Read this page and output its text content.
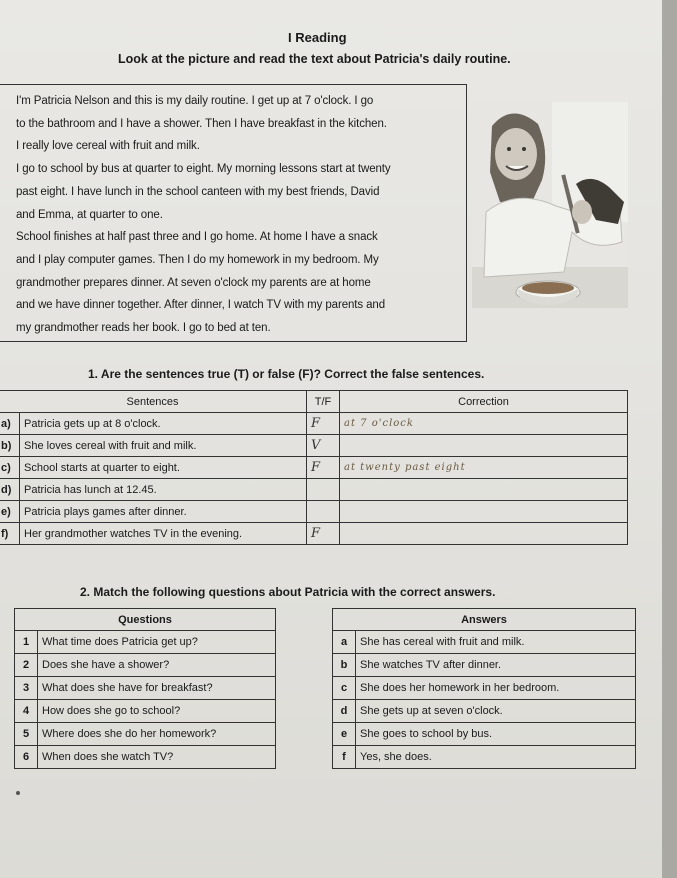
I Reading
Look at the picture and read the text about Patricia's daily routine.

I'm Patricia Nelson and this is my daily routine. I get up at 7 o'clock. I go

to the bathroom and I have a shower. Then I have breakfast in the kitchen.

I really love cereal with fruit and milk.

I go to school by bus at quarter to eight. My morning lessons start at twenty

past eight. I have lunch in the school canteen with my best friends, David

and Emma, at quarter to one.

School finishes at half past three and I go home. At home I have a snack

and I play computer games. Then I do my homework in my bedroom. My

grandmother prepares dinner. At seven o'clock my parents are at home

and we have dinner together. After dinner, I watch TV with my parents and

my grandmother reads her book. I go to bed at ten.

1. Are the sentences true (T) or false (F)? Correct the false sentences.
Sentences		T/F	Correction
a)	Patricia gets up at 8 o'clock.	F	at 7 o'clock
b)	She loves cereal with fruit and milk.	V	
c)	School starts at quarter to eight.	F	at twenty past eight
d)	Patricia has lunch at 12.45.		
e)	Patricia plays games after dinner.		
f)	Her grandmother watches TV in the evening.	F	
2. Match the following questions about Patricia with the correct answers.
Questions	
1	What time does Patricia get up?
2	Does she have a shower?
3	What does she have for breakfast?
4	How does she go to school?
5	Where does she do her homework?
6	When does she watch TV?
Answers	
a	She has cereal with fruit and milk.
b	She watches TV after dinner.
c	She does her homework in her bedroom.
d	She gets up at seven o'clock.
e	She goes to school by bus.
f	Yes, she does.
